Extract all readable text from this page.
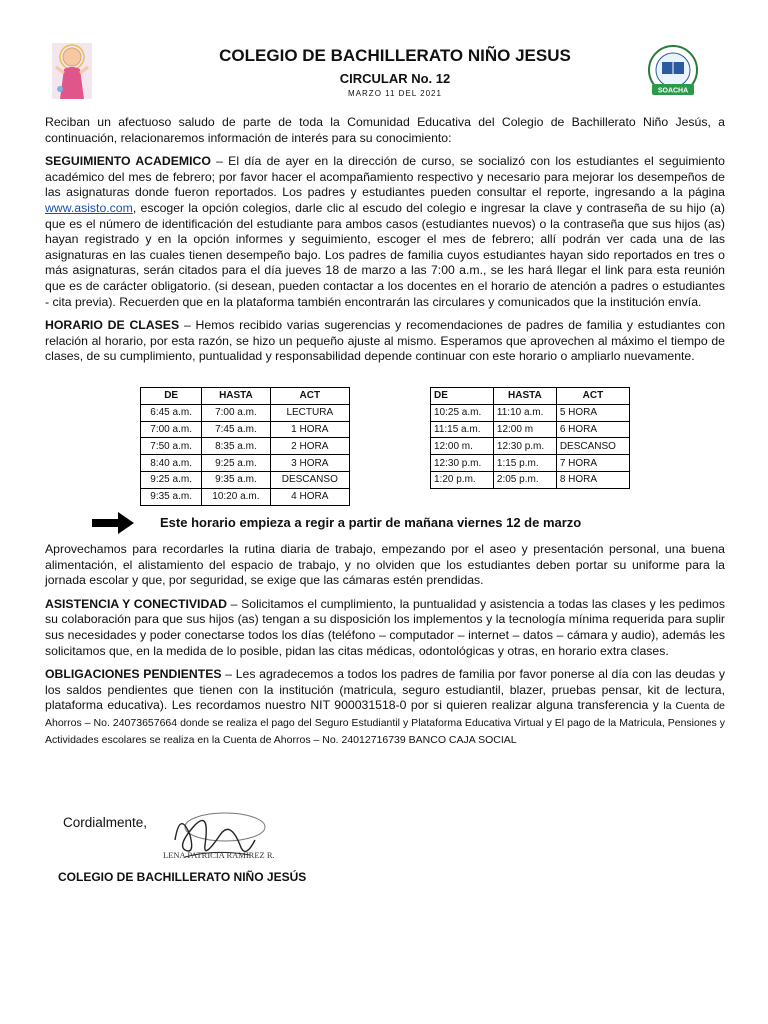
SOACHA

COLEGIO DE BACHILLERATO NIÑO JESUS

CIRCULAR No. 12

MARZO 11 DEL 2021

Reciban un afectuoso saludo de parte de toda la Comunidad Educativa del Colegio de Bachillerato Niño Jesús, a continuación, relacionaremos información de interés para su conocimiento:

SEGUIMIENTO ACADEMICO – El día de ayer en la dirección de curso, se socializó con los estudiantes el seguimiento académico del mes de febrero; por favor hacer el acompañamiento respectivo y necesario para mejorar los desempeños de las asignaturas donde fueron reportados. Los padres y estudiantes pueden consultar el reporte, ingresando a la página www.asisto.com, escoger la opción colegios, darle clic al escudo del colegio e ingresar la clave y contraseña de su hijo (a) que es el número de identificación del estudiante para ambos casos (estudiantes nuevos) o la contraseña que sus hijos (as) hayan registrado y en la opción informes y seguimiento, escoger el mes de febrero; allí podrán ver cada una de las asignaturas en las cuales tienen desempeño bajo. Los padres de familia cuyos estudiantes hayan sido reportados en tres o más asignaturas, serán citados para el día jueves 18 de marzo a las 7:00 a.m., se les hará llegar el link para esta reunión que es de carácter obligatorio. (si desean, pueden contactar a los docentes en el horario de atención a padres o estudiantes - cita previa). Recuerden que en la plataforma también encontrarán las circulares y comunicados que la institución envía.

HORARIO DE CLASES – Hemos recibido varias sugerencias y recomendaciones de padres de familia y estudiantes con relación al horario, por esta razón, se hizo un pequeño ajuste al mismo. Esperamos que aprovechen al máximo el tiempo de clases, de su cumplimiento, puntualidad y responsabilidad depende continuar con este horario o ampliarlo nuevamente.

DE	HASTA	ACT
6:45 a.m.	7:00 a.m.	LECTURA
7:00 a.m.	7:45 a.m.	1 HORA
7:50 a.m.	8:35 a.m.	2 HORA
8:40 a.m.	9:25 a.m.	3 HORA
9:25 a.m.	9:35 a.m.	DESCANSO
9:35 a.m.	10:20 a.m.	4 HORA
DE	HASTA	ACT
10:25 a.m.	11:10 a.m.	5 HORA
11:15 a.m.	12:00 m	6 HORA
12:00 m.	12:30 p.m.	DESCANSO
12:30 p.m.	1:15 p.m.	7 HORA
1:20 p.m.	2:05 p.m.	8 HORA
Este horario empieza a regir a partir de mañana viernes 12 de marzo

Aprovechamos para recordarles la rutina diaria de trabajo, empezando por el aseo y presentación personal, una buena alimentación, el alistamiento del espacio de trabajo, y no olviden que los estudiantes deben portar su uniforme para la jornada escolar y que, por seguridad, se exige que las cámaras estén prendidas.

ASISTENCIA Y CONECTIVIDAD – Solicitamos el cumplimiento, la puntualidad y asistencia a todas las clases y les pedimos su colaboración para que sus hijos (as) tengan a su disposición los implementos y la tecnología mínima requerida para suplir sus necesidades y poder conectarse todos los días (teléfono – computador – internet – datos – cámara y audio), además les solicitamos que, en la medida de lo posible, pidan las citas médicas, odontológicas y otras, en horario extra clases.

OBLIGACIONES PENDIENTES – Les agradecemos a todos los padres de familia por favor ponerse al día con las deudas y los saldos pendientes que tienen con la institución (matricula, seguro estudiantil, blazer, pruebas pensar, kit de lectura, plataforma educativa). Les recordamos nuestro NIT 900031518-0 por si quieren realizar alguna transferencia y la Cuenta de Ahorros – No. 24073657664 donde se realiza el pago del Seguro Estudiantil y Plataforma Educativa Virtual y El pago de la Matricula, Pensiones y Actividades escolares se realiza en la Cuenta de Ahorros – No. 24012716739 BANCO CAJA SOCIAL

Cordialmente,
LENA PATRICIA RAMIREZ R.
COLEGIO DE BACHILLERATO NIÑO JESÚS
